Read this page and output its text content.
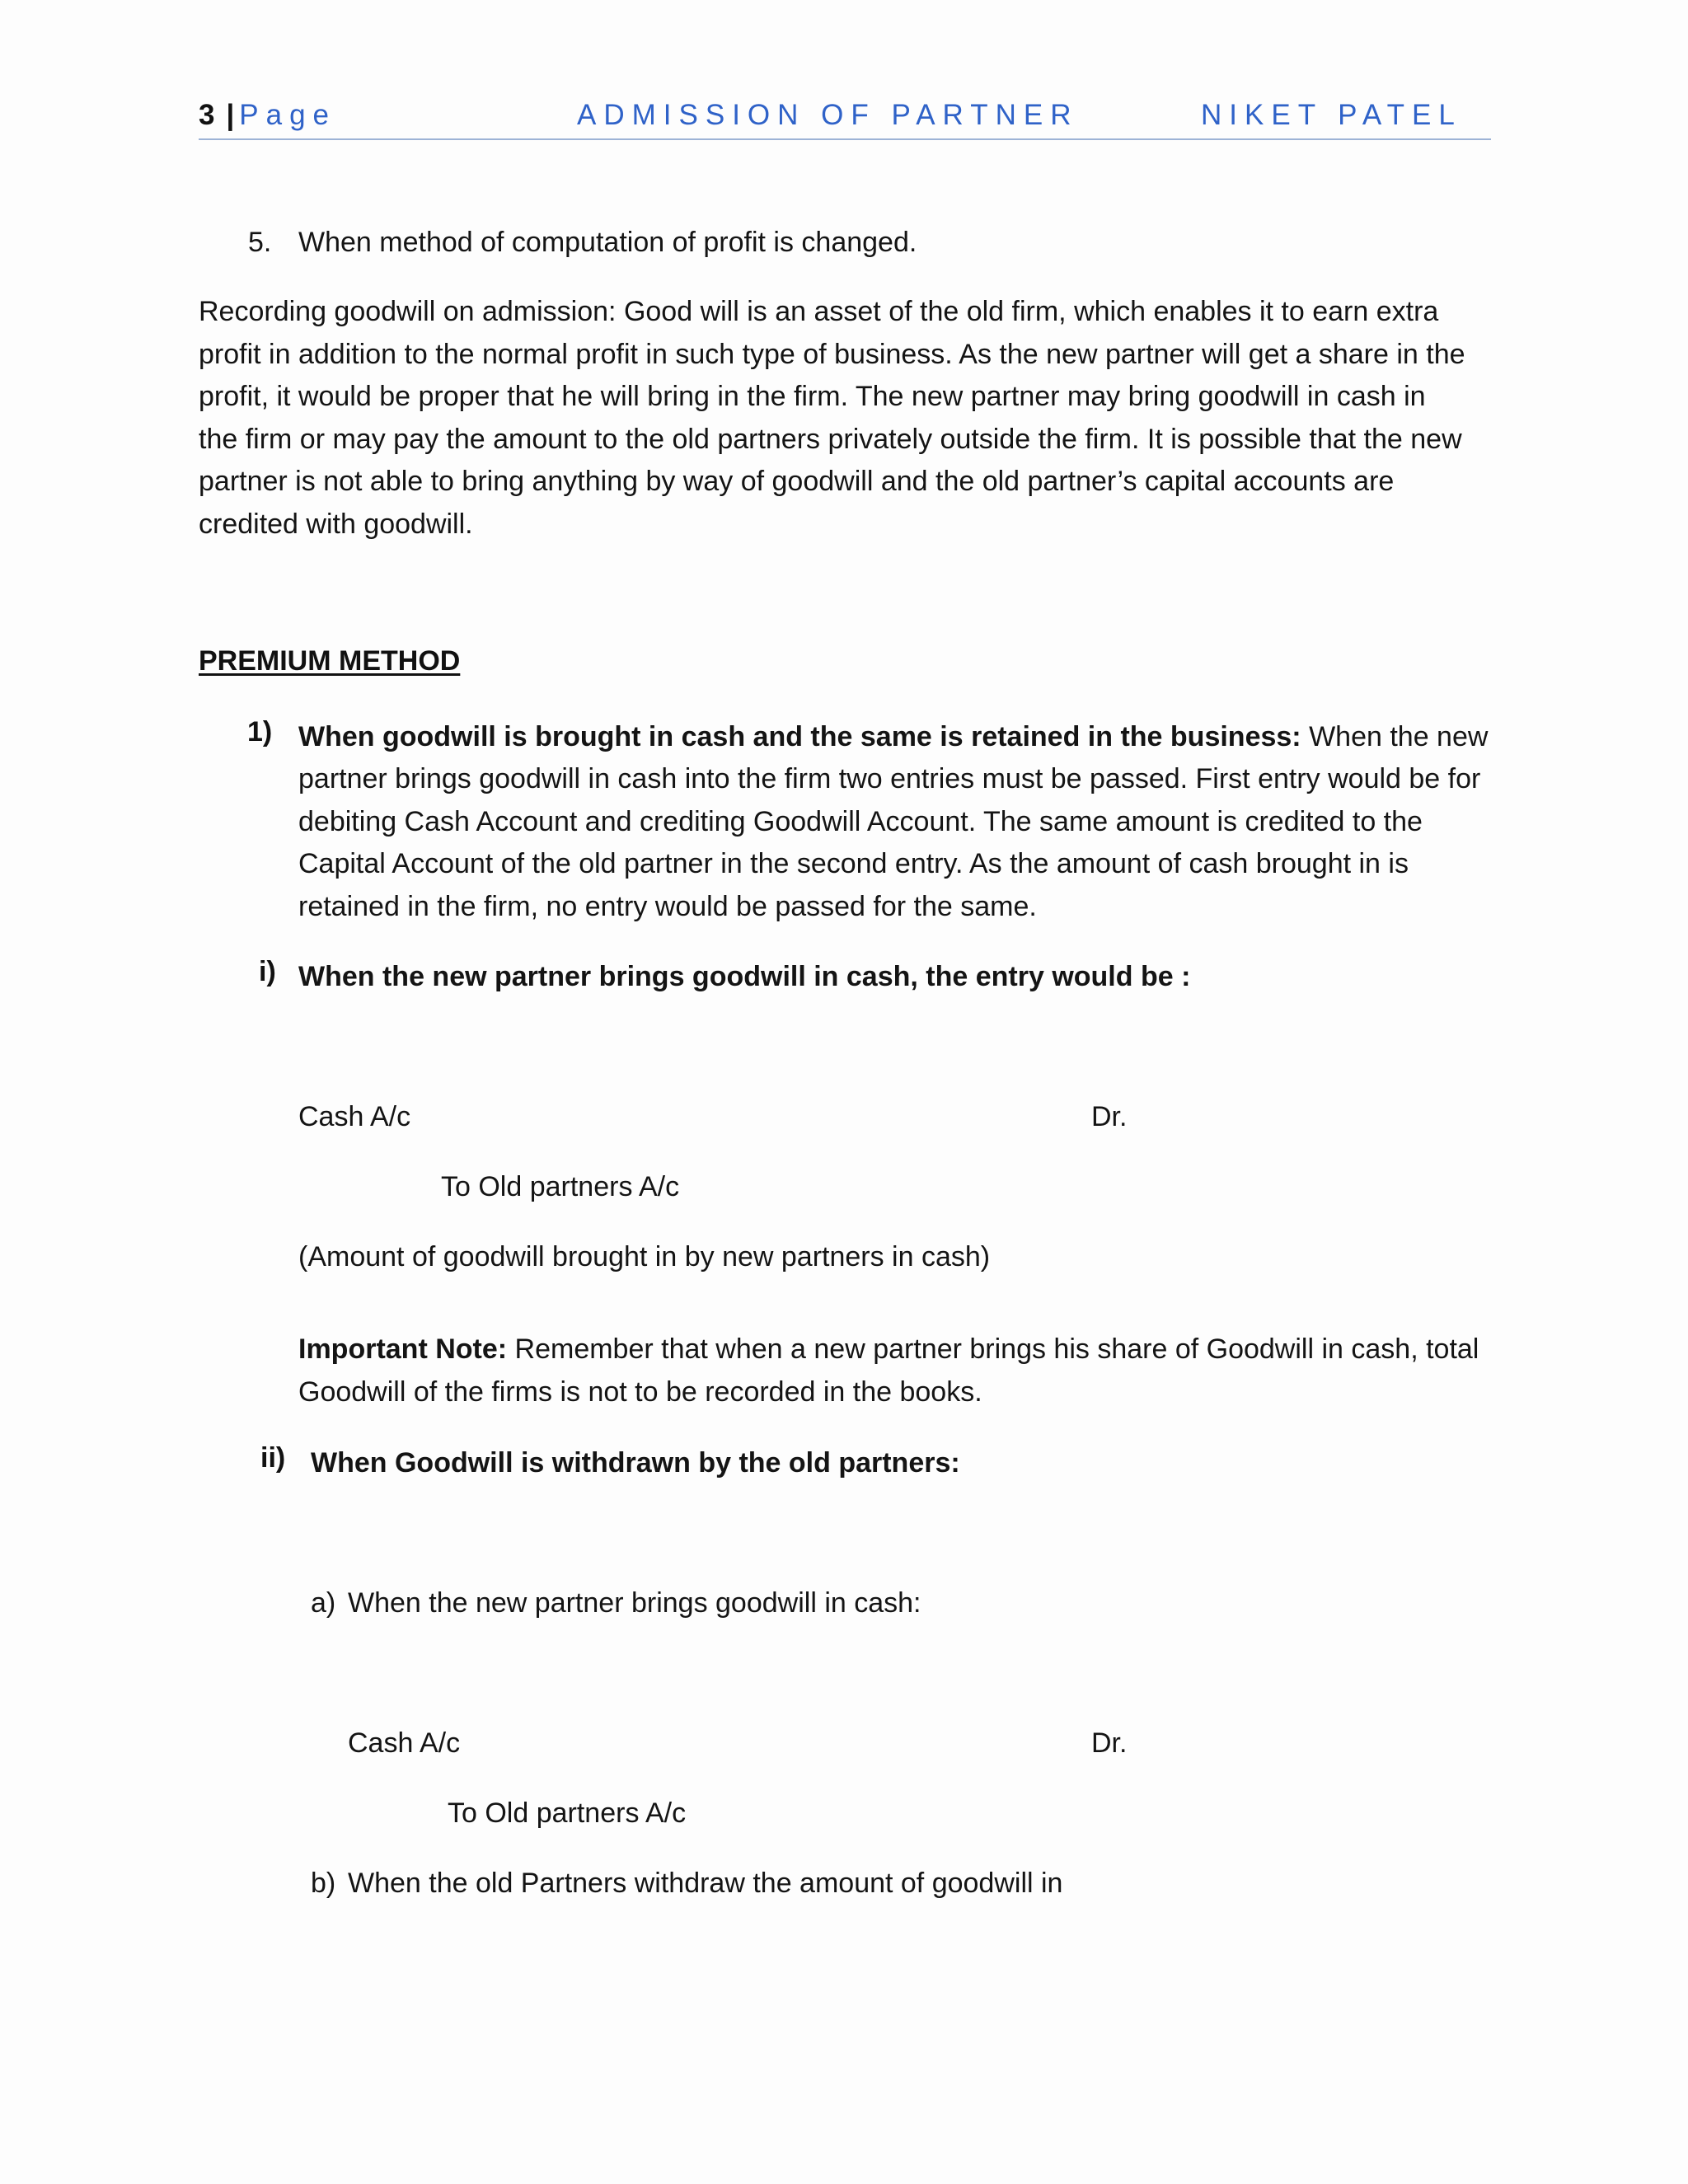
3 | Page	ADMISSION OF PARTNER	NIKET PATEL
5. When method of computation of profit is changed.

Recording goodwill on admission: Good will is an asset of the old firm, which enables it to earn extra

profit in addition to the normal profit in such type of business. As the new partner will get a share in the

profit, it would be proper that he will bring in the firm. The new partner may bring goodwill in cash in

the firm or may pay the amount to the old partners privately outside the firm. It is possible that the new

partner is not able to bring anything by way of goodwill and the old partner’s capital accounts are

credited with goodwill.

PREMIUM METHOD
1) When goodwill is brought in cash and the same is retained in the business: When the new
partner brings goodwill in cash into the firm two entries must be passed. First entry would be for
debiting Cash Account and crediting Goodwill Account. The same amount is credited to the
Capital Account of the old partner in the second entry. As the amount of cash brought in is
retained in the firm, no entry would be passed for the same.
i) When the new partner brings goodwill in cash, the entry would be :
Cash A/c	Dr.
To Old partners A/c
(Amount of goodwill brought in by new partners in cash)
Important Note: Remember that when a new partner brings his share of Goodwill in cash, total
Goodwill of the firms is not to be recorded in the books.
ii) When Goodwill is withdrawn by the old partners:
a) When the new partner brings goodwill in cash:
Cash A/c	Dr.
To Old partners A/c
b) When the old Partners withdraw the amount of goodwill in
